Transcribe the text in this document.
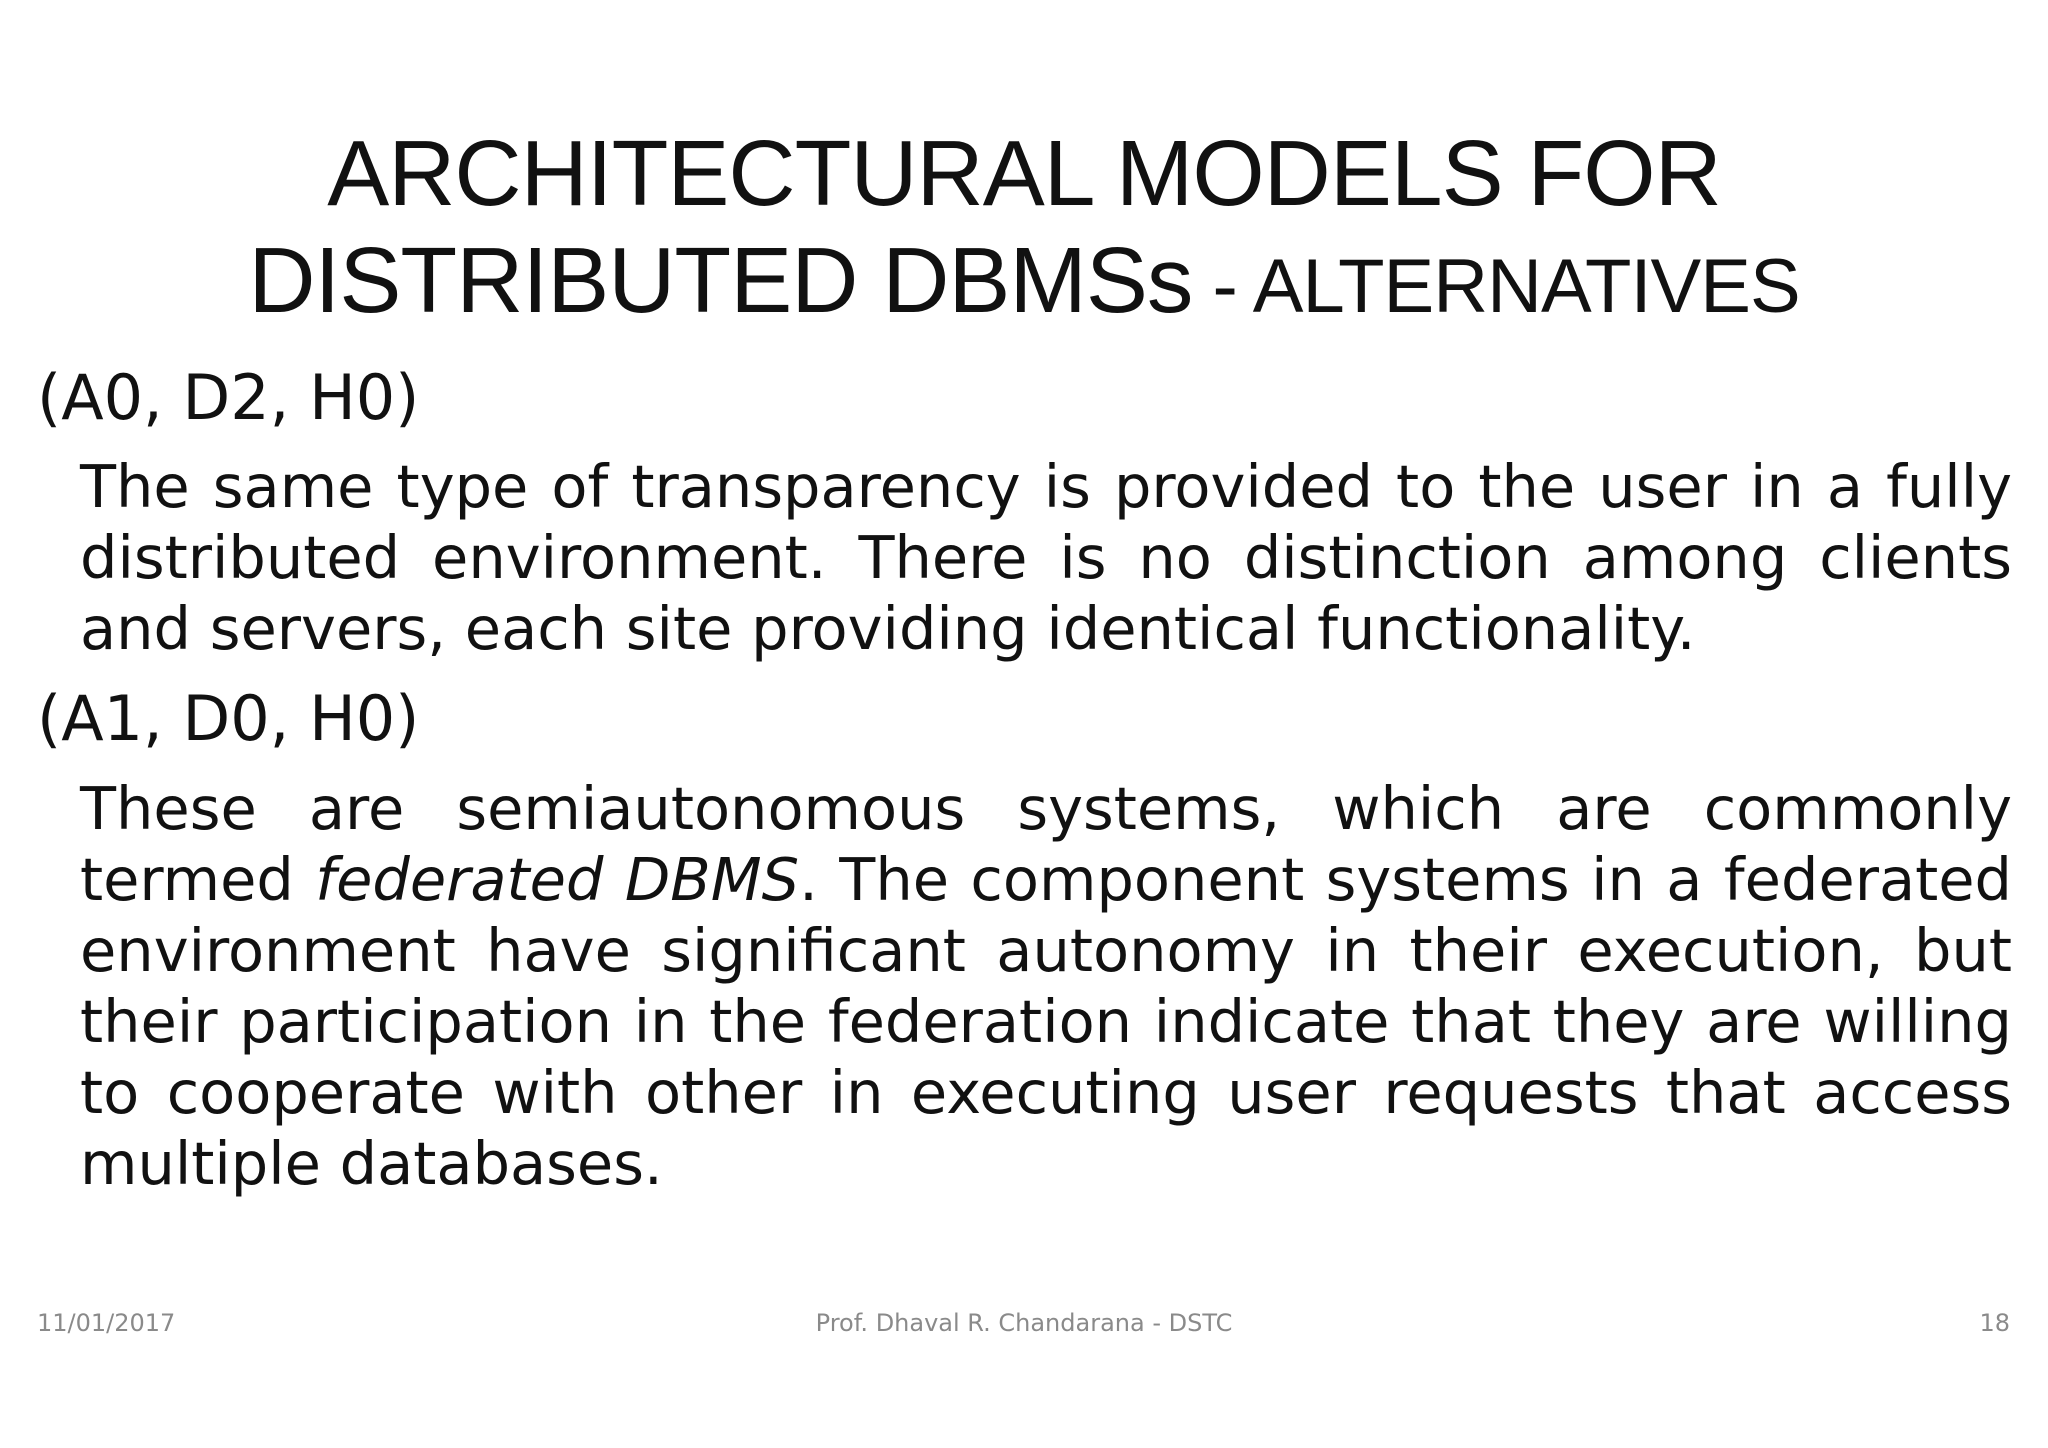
ARCHITECTURAL MODELS FOR
DISTRIBUTED DBMSs - ALTERNATIVES
(A0, D2, H0)

The same type of transparency is provided to the user in a fully distributed environment. There is no distinction among clients and servers, each site providing identical functionality.

(A1, D0, H0)

These are semiautonomous systems, which are commonly termed federated DBMS. The component systems in a federated environment have significant autonomy in their execution, but their participation in the federation indicate that they are willing to cooperate with other in executing user requests that access multiple databases.

11/01/2017	Prof. Dhaval R. Chandarana - DSTC	18
